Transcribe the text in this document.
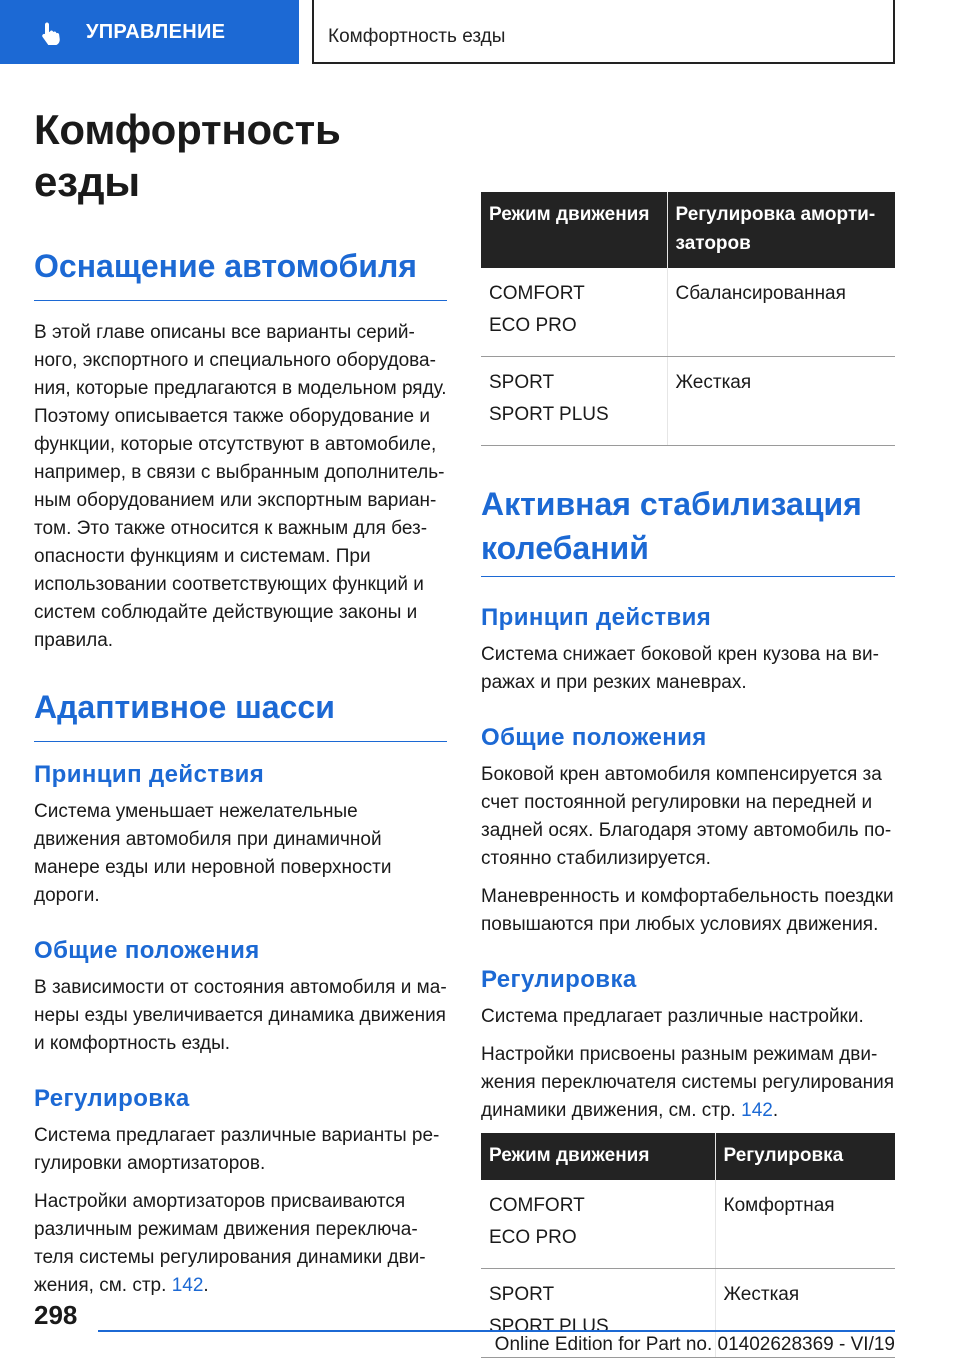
УПРАВЛЕНИЕ	Комфортность езды
Комфортность езды
Оснащение автомобиля

В этой главе описаны все варианты серийного, экспортного и специального оборудования, которые предлагаются в модельном ряду. Поэтому описывается также оборудование и функции, которые отсутствуют в автомобиле, например, в связи с выбранным дополнительным оборудованием или экспортным вариантом. Это также относится к важным для безопасности функциям и системам. При использовании соответствующих функций и систем соблюдайте действующие законы и правила.

Адаптивное шасси
Принцип действия

Система уменьшает нежелательные движения автомобиля при динамичной манере езды или неровной поверхности дороги.

Общие положения

В зависимости от состояния автомобиля и манеры езды увеличивается динамика движения и комфортность езды.

Регулировка

Система предлагает различные варианты регулировки амортизаторов.

Настройки амортизаторов присваиваются различным режимам движения переключателя системы регулирования динамики движения, см. стр. 142.

Режим движения	Регулировка амортизаторов

COMFORT
ECO PRO	Сбалансированная

SPORT
SPORT PLUS	Жесткая
Активная стабилизация колебаний
Принцип действия

Система снижает боковой крен кузова на виражах и при резких маневрах.

Общие положения

Боковой крен автомобиля компенсируется за счет постоянной регулировки на передней и задней осях. Благодаря этому автомобиль постоянно стабилизируется.

Маневренность и комфортабельность поездки повышаются при любых условиях движения.

Регулировка

Система предлагает различные настройки.

Настройки присвоены разным режимам движения переключателя системы регулирования динамики движения, см. стр. 142.

Режим движения	Регулировка

COMFORT
ECO PRO	Комфортная

SPORT
SPORT PLUS	Жесткая
298
Online Edition for Part no. 01402628369 - VI/19
